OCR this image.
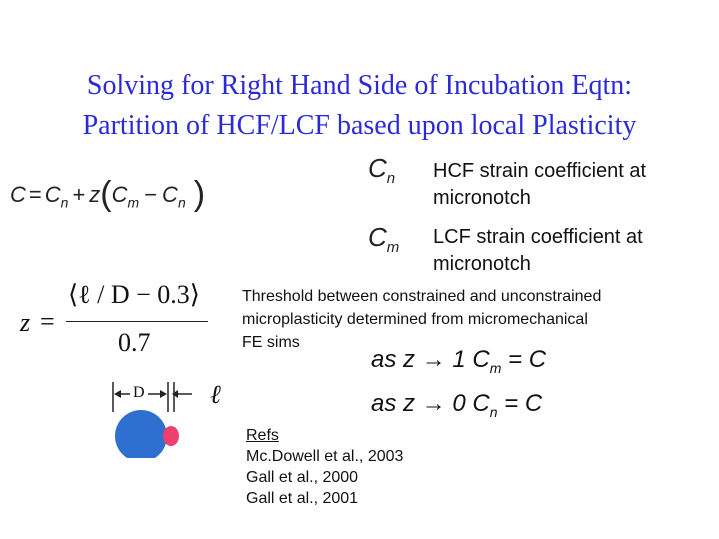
Solving for Right Hand Side of Incubation Eqtn:
Partition of HCF/LCF based upon local Plasticity
$C = C_n + z(C_m - C_n$ )
$C_n$ HCF strain coefficient at
micronotch
$C_m$ LCF strain coefficient at
micronotch
z =
⟨ℓ / D − 0.3⟩
0.7
Threshold between constrained and unconstrained
microplasticity determined from micromechanical
FE sims
as z → 1 $C_m = C$
as z → 0 $C_n = C$
D	ℓ
Refs
Mc.Dowell et al., 2003
Gall et al., 2000
Gall et al., 2001
